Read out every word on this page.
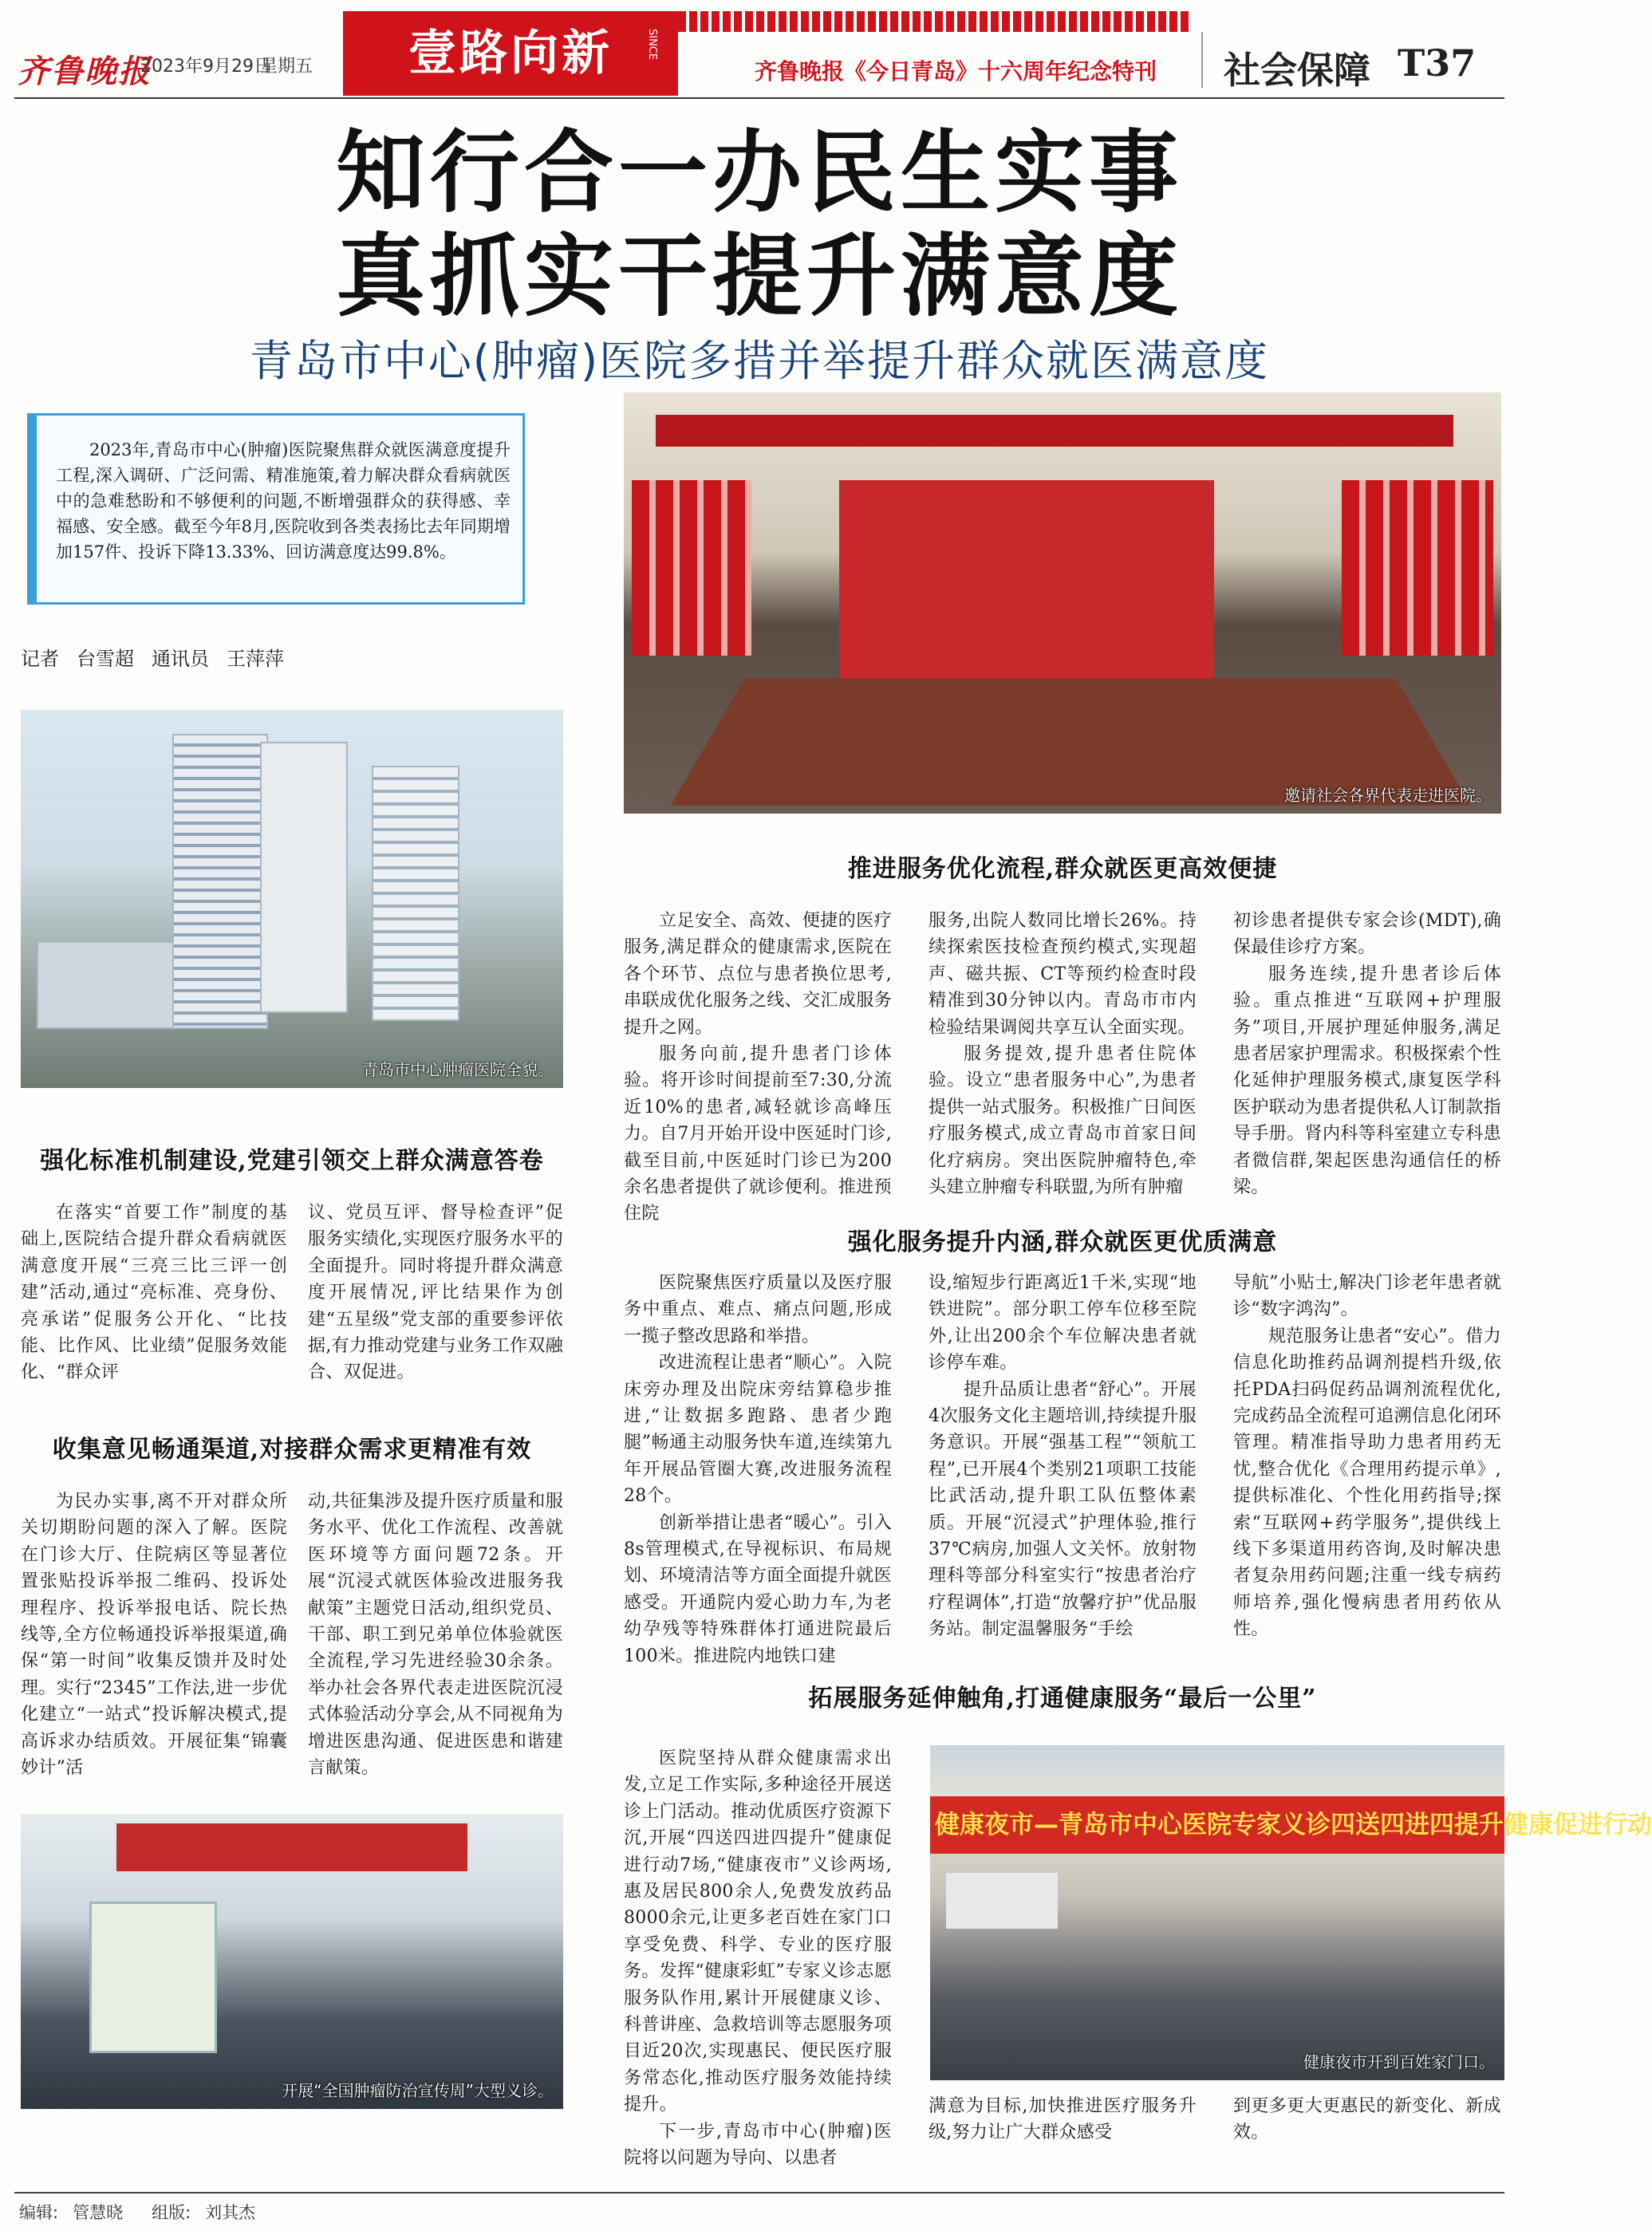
齐鲁晚报
2023年9月29日
星期五	壹路向新	SINCE
齐鲁晚报《今日青岛》十六周年纪念特刊 社会保障 T37
知行合一办民生实事
真抓实干提升满意度
青岛市中心(肿瘤)医院多措并举提升群众就医满意度
2023年,青岛市中心(肿瘤)医院聚焦群众就医满意度提升工程,深入调研、广泛问需、精准施策,着力解决群众看病就医中的急难愁盼和不够便利的问题,不断增强群众的获得感、幸福感、安全感。截至今年8月,医院收到各类表扬比去年同期增加157件、投诉下降13.33%、回访满意度达99.8%。
记者 台雪超 通讯员 王萍萍
邀请社会各界代表走进医院。
青岛市中心肿瘤医院全貌。
开展“全国肿瘤防治宣传周”大型义诊。
健康夜市—青岛市中心医院专家义诊四送四进四提升健康促进行动
健康夜市开到百姓家门口。
强化标准机制建设,党建引领交上群众满意答卷

在落实“首要工作”制度的基础上,医院结合提升群众看病就医满意度开展“三亮三比三评一创建”活动,通过“亮标准、亮身份、亮承诺”促服务公开化、“比技能、比作风、比业绩”促服务效能化、“群众评

议、党员互评、督导检查评”促服务实绩化,实现医疗服务水平的全面提升。同时将提升群众满意度开展情况,评比结果作为创建“五星级”党支部的重要参评依据,有力推动党建与业务工作双融合、双促进。

收集意见畅通渠道,对接群众需求更精准有效

为民办实事,离不开对群众所关切期盼问题的深入了解。医院在门诊大厅、住院病区等显著位置张贴投诉举报二维码、投诉处理程序、投诉举报电话、院长热线等,全方位畅通投诉举报渠道,确保“第一时间”收集反馈并及时处理。实行“2345”工作法,进一步优化建立“一站式”投诉解决模式,提高诉求办结质效。开展征集“锦囊妙计”活

动,共征集涉及提升医疗质量和服务水平、优化工作流程、改善就医环境等方面问题72条。开展“沉浸式就医体验改进服务我献策”主题党日活动,组织党员、干部、职工到兄弟单位体验就医全流程,学习先进经验30余条。举办社会各界代表走进医院沉浸式体验活动分享会,从不同视角为增进医患沟通、促进医患和谐建言献策。

推进服务优化流程,群众就医更高效便捷

立足安全、高效、便捷的医疗服务,满足群众的健康需求,医院在各个环节、点位与患者换位思考,串联成优化服务之线、交汇成服务提升之网。

服务向前,提升患者门诊体验。将开诊时间提前至7:30,分流近10%的患者,减轻就诊高峰压力。自7月开始开设中医延时门诊,截至目前,中医延时门诊已为200余名患者提供了就诊便利。推进预住院

服务,出院人数同比增长26%。持续探索医技检查预约模式,实现超声、磁共振、CT等预约检查时段精准到30分钟以内。青岛市市内检验结果调阅共享互认全面实现。

服务提效,提升患者住院体验。设立“患者服务中心”,为患者提供一站式服务。积极推广日间医疗服务模式,成立青岛市首家日间化疗病房。突出医院肿瘤特色,牵头建立肿瘤专科联盟,为所有肿瘤

初诊患者提供专家会诊(MDT),确保最佳诊疗方案。

服务连续,提升患者诊后体验。重点推进“互联网+护理服务”项目,开展护理延伸服务,满足患者居家护理需求。积极探索个性化延伸护理服务模式,康复医学科医护联动为患者提供私人订制款指导手册。肾内科等科室建立专科患者微信群,架起医患沟通信任的桥梁。

强化服务提升内涵,群众就医更优质满意

医院聚焦医疗质量以及医疗服务中重点、难点、痛点问题,形成一揽子整改思路和举措。

改进流程让患者“顺心”。入院床旁办理及出院床旁结算稳步推进,“让数据多跑路、患者少跑腿”畅通主动服务快车道,连续第九年开展品管圈大赛,改进服务流程28个。

创新举措让患者“暖心”。引入8s管理模式,在导视标识、布局规划、环境清洁等方面全面提升就医感受。开通院内爱心助力车,为老幼孕残等特殊群体打通进院最后100米。推进院内地铁口建

设,缩短步行距离近1千米,实现“地铁进院”。部分职工停车位移至院外,让出200余个车位解决患者就诊停车难。

提升品质让患者“舒心”。开展4次服务文化主题培训,持续提升服务意识。开展“强基工程”“领航工程”,已开展4个类别21项职工技能比武活动,提升职工队伍整体素质。开展“沉浸式”护理体验,推行37℃病房,加强人文关怀。放射物理科等部分科室实行“按患者治疗疗程调体”,打造“放馨疗护”优品服务站。制定温馨服务“手绘

导航”小贴士,解决门诊老年患者就诊“数字鸿沟”。

规范服务让患者“安心”。借力信息化助推药品调剂提档升级,依托PDA扫码促药品调剂流程优化,完成药品全流程可追溯信息化闭环管理。精准指导助力患者用药无忧,整合优化《合理用药提示单》,提供标准化、个性化用药指导;探索“互联网+药学服务”,提供线上线下多渠道用药咨询,及时解决患者复杂用药问题;注重一线专病药师培养,强化慢病患者用药依从性。

拓展服务延伸触角,打通健康服务“最后一公里”

医院坚持从群众健康需求出发,立足工作实际,多种途径开展送诊上门活动。推动优质医疗资源下沉,开展“四送四进四提升”健康促进行动7场,“健康夜市”义诊两场,惠及居民800余人,免费发放药品8000余元,让更多老百姓在家门口享受免费、科学、专业的医疗服务。发挥“健康彩虹”专家义诊志愿服务队作用,累计开展健康义诊、科普讲座、急救培训等志愿服务项目近20次,实现惠民、便民医疗服务常态化,推动医疗服务效能持续提升。

下一步,青岛市中心(肿瘤)医院将以问题为导向、以患者

满意为目标,加快推进医疗服务升级,努力让广大群众感受

到更多更大更惠民的新变化、新成效。

编辑: 管慧晓 组版: 刘其杰
